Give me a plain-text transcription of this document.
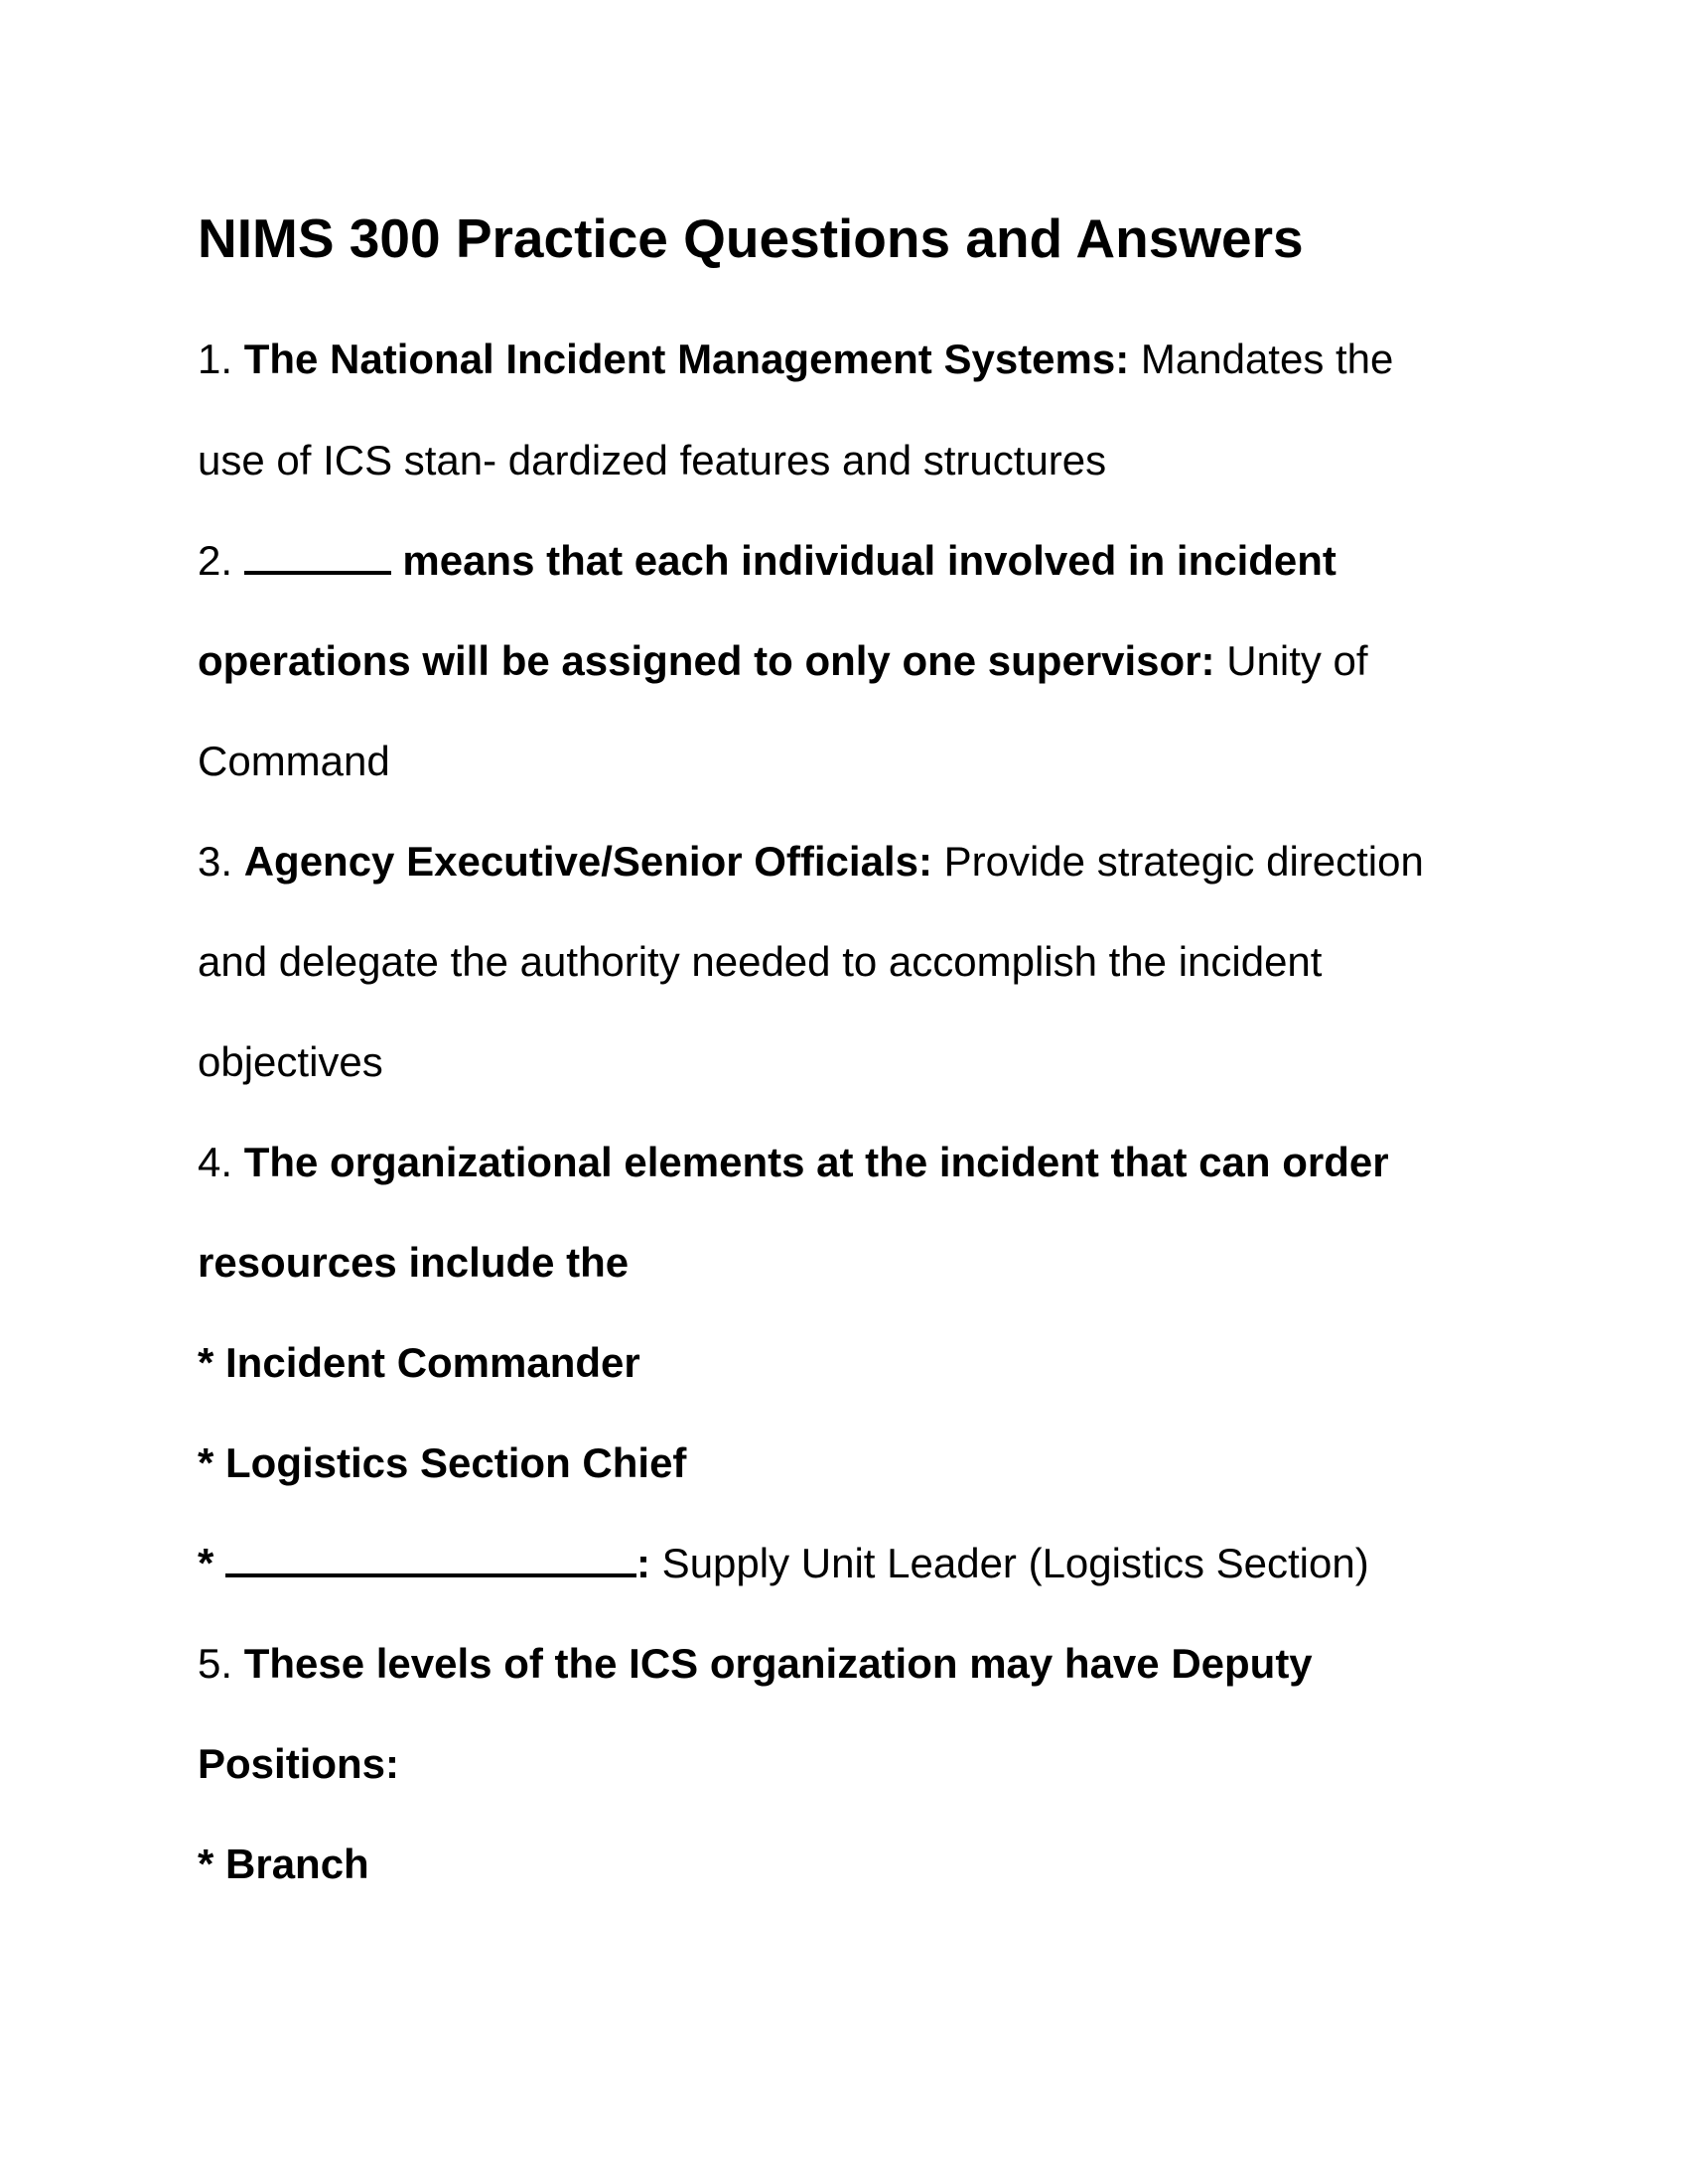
NIMS 300 Practice Questions and Answers

1. The National Incident Management Systems: Mandates the

use of ICS stan- dardized features and structures

2.	means that each individual involved in incident

operations will be assigned to only one supervisor: Unity of

Command

3. Agency Executive/Senior Officials: Provide strategic direction

and delegate the authority needed to accomplish the incident

objectives

4. The organizational elements at the incident that can order

resources include the

* Incident Commander

* Logistics Section Chief

*	: Supply Unit Leader (Logistics Section)

5. These levels of the ICS organization may have Deputy

Positions:

* Branch
